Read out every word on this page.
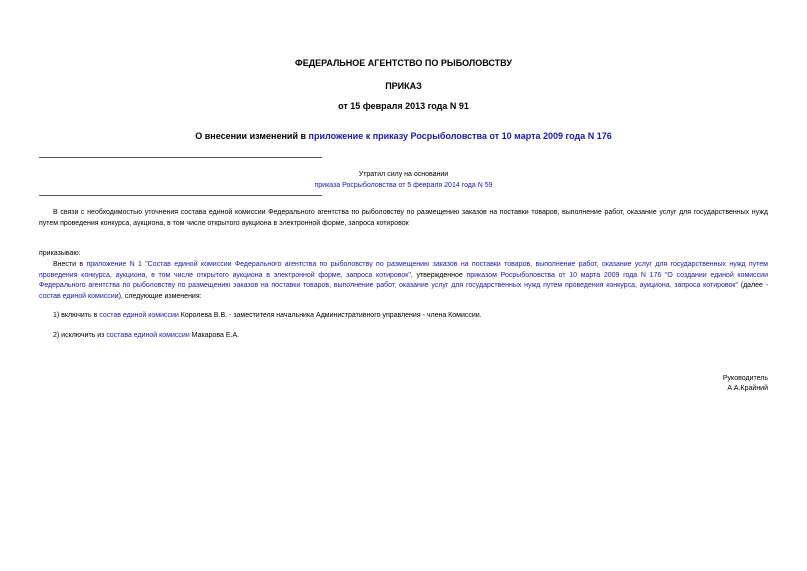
ФЕДЕРАЛЬНОЕ АГЕНТСТВО ПО РЫБОЛОВСТВУ
ПРИКАЗ
от 15 февраля 2013 года N 91
О внесении изменений в приложение к приказу Росрыболовства от 10 марта 2009 года N 176
Утратил силу на основании
приказа Росрыболовства от 5 февраля 2014 года N 59
В связи с необходимостью уточнения состава единой комиссии Федерального агентства по рыболовству по размещению заказов на поставки товаров, выполнение работ, оказание услуг для государственных нужд путем проведения конкурса, аукциона, в том числе открытого аукциона в электронной форме, запроса котировок
приказываю:
Внести в приложение N 1 "Состав единой комиссии Федерального агентства по рыболовству по размещению заказов на поставки товаров, выполнение работ, оказание услуг для государственных нужд путем проведения конкурса, аукциона, в том числе открытого аукциона в электронной форме, запроса котировок", утвержденное приказом Росрыболовства от 10 марта 2009 года N 176 "О создании единой комиссии Федерального агентства по рыболовству по размещению заказов на поставки товаров, выполнение работ, оказание услуг для государственных нужд путем проведения конкурса, аукциона, запроса котировок" (далее - состав единой комиссии), следующие изменения:
1) включить в состав единой комиссии Королева В.В. - заместителя начальника Административного управления - члена Комиссии.
2) исключить из состава единой комиссии Макарова Е.А.
Руководитель
А.А.Крайний
